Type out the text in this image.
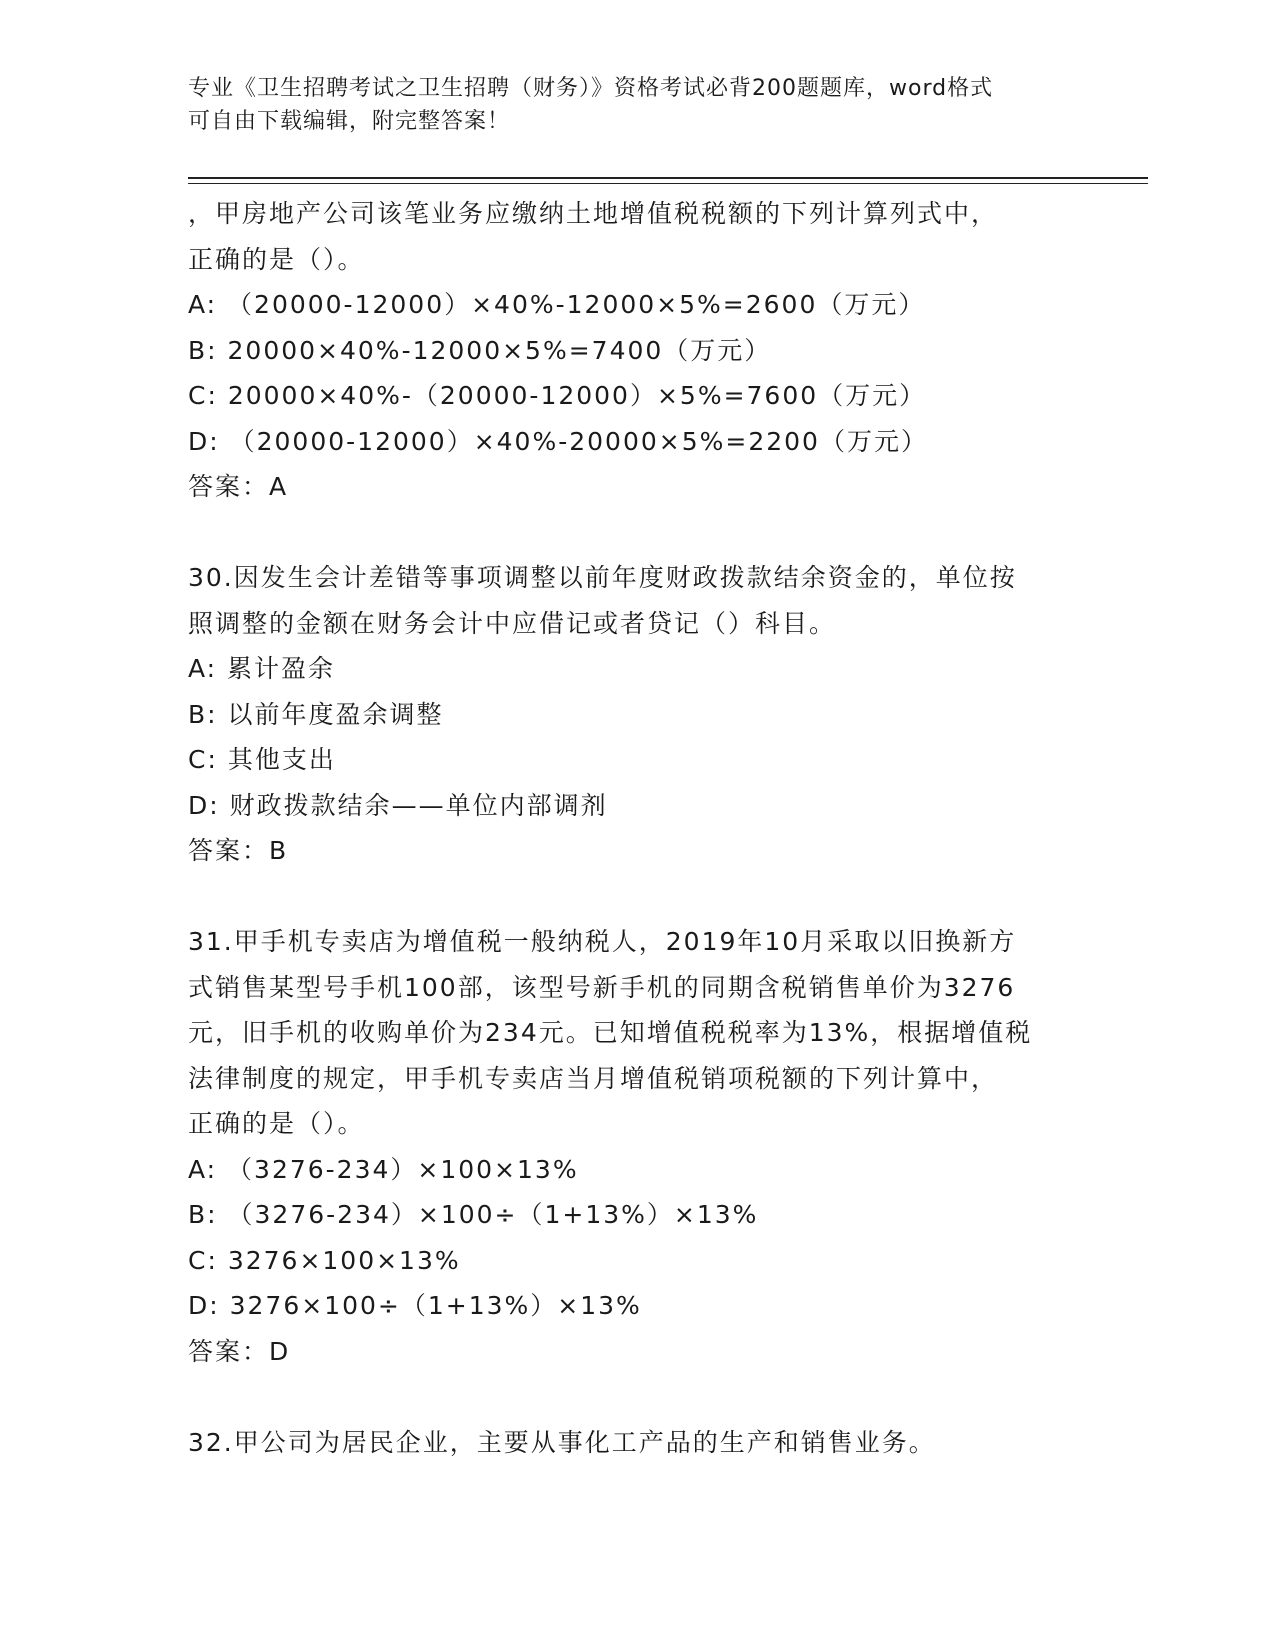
专业《卫生招聘考试之卫生招聘（财务）》资格考试必背200题题库，word格式
可自由下载编辑，附完整答案！
，甲房地产公司该笔业务应缴纳土地增值税税额的下列计算列式中，
正确的是（）。
A: （20000-12000）×40%-12000×5%=2600（万元）
B: 20000×40%-12000×5%=7400（万元）
C: 20000×40%-（20000-12000）×5%=7600（万元）
D: （20000-12000）×40%-20000×5%=2200（万元）
答案：A
30.因发生会计差错等事项调整以前年度财政拨款结余资金的，单位按
照调整的金额在财务会计中应借记或者贷记（）科目。
A: 累计盈余
B: 以前年度盈余调整
C: 其他支出
D: 财政拨款结余——单位内部调剂
答案：B
31.甲手机专卖店为增值税一般纳税人，2019年10月采取以旧换新方
式销售某型号手机100部，该型号新手机的同期含税销售单价为3276
元，旧手机的收购单价为234元。已知增值税税率为13%，根据增值税
法律制度的规定，甲手机专卖店当月增值税销项税额的下列计算中，
正确的是（）。
A: （3276-234）×100×13%
B: （3276-234）×100÷（1+13%）×13%
C: 3276×100×13%
D: 3276×100÷（1+13%）×13%
答案：D
32.甲公司为居民企业，主要从事化工产品的生产和销售业务。
